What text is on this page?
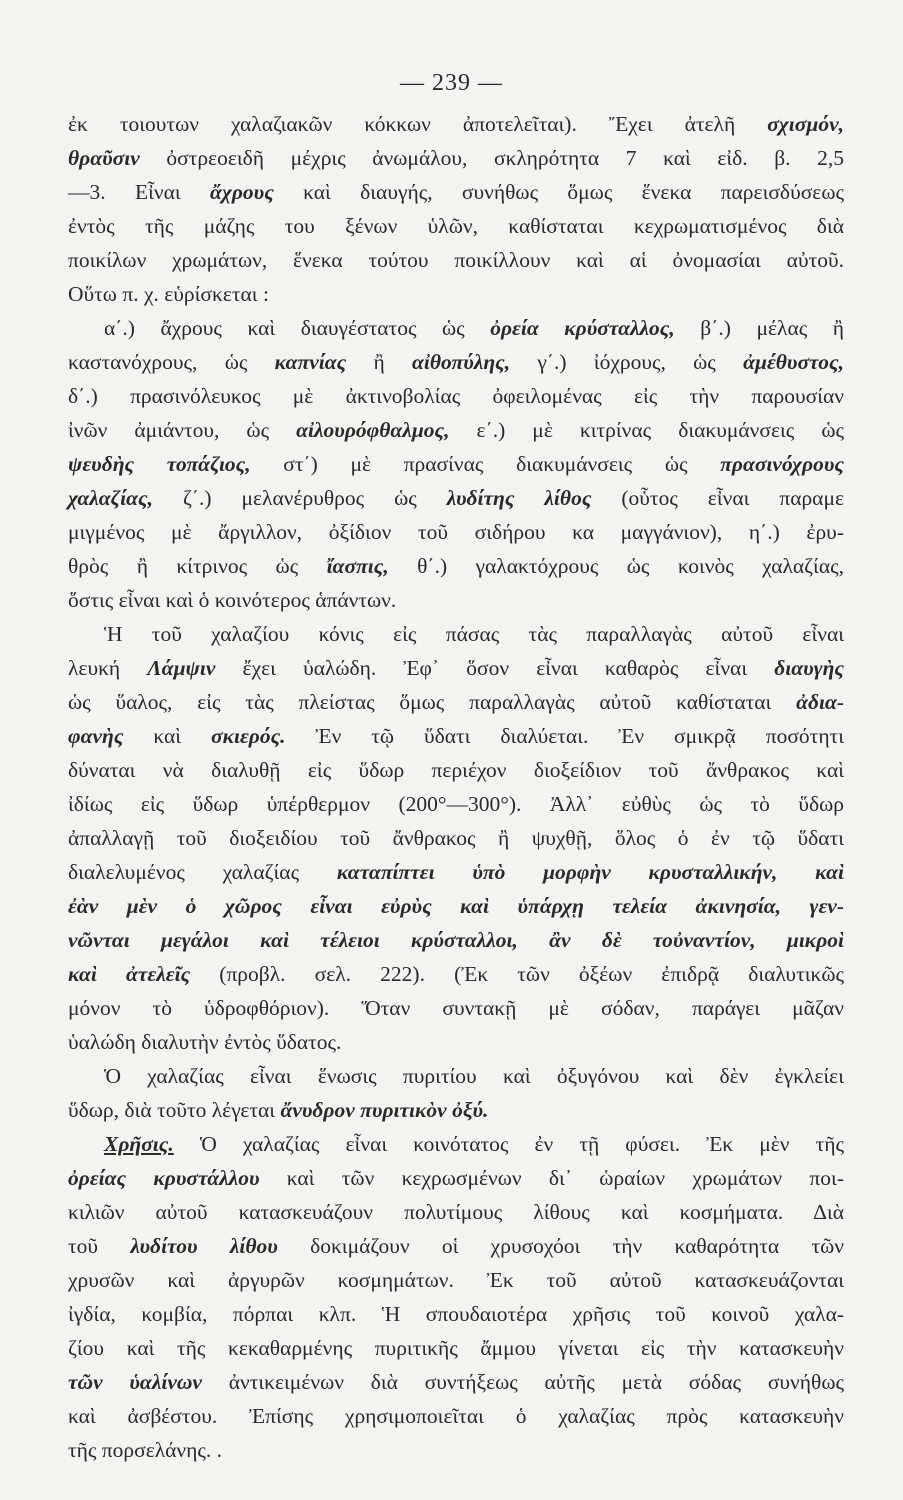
— 239 —

ἐκ τοιουτων χαλαζιακῶν κόκκων ἀποτελεῖται). Ἔχει ἀτελῆ σχισμόν,
θραῦσιν ὀστρεοειδῆ μέχρις ἀνωμάλου, σκληρότητα 7 καὶ εἰδ. β. 2,5
—3. Εἶναι ἄχρους καὶ διαυγής, συνήθως ὅμως ἕνεκα παρεισδύσεως
ἐντὸς τῆς μάζης του ξένων ὑλῶν, καθίσταται κεχρωματισμένος διὰ
ποικίλων χρωμάτων, ἕνεκα τούτου ποικίλλουν καὶ αἱ ὀνομασίαι αὐτοῦ.
Οὕτω π. χ. εὑρίσκεται :

α΄.) ἄχρους καὶ διαυγέστατος ὡς ὀρεία κρύσταλλος, β΄.) μέλας ἢ
καστανόχρους, ὡς καπνίας ἢ αἰθοπύλης, γ΄.) ἰόχρους, ὡς ἀμέθυστος,
δ΄.) πρασινόλευκος μὲ ἀκτινοβολίας ὀφειλομένας εἰς τὴν παρουσίαν
ἰνῶν ἀμιάντου, ὡς αἰλουρόφθαλμος, ε΄.) μὲ κιτρίνας διακυμάνσεις ὡς
ψευδὴς τοπάζιος, στ΄) μὲ πρασίνας διακυμάνσεις ὡς πρασινόχρους
χαλαζίας, ζ΄.) μελανέρυθρος ὡς λυδίτης λίθος (οὗτος εἶναι παραμε
μιγμένος μὲ ἄργιλλον, ὀξίδιον τοῦ σιδήρου κα μαγγάνιον), η΄.) ἐρυ-
θρὸς ἢ κίτρινος ὡς ἴασπις, θ΄.) γαλακτόχρους ὡς κοινὸς χαλαζίας,
ὅστις εἶναι καὶ ὁ κοινότερος ἁπάντων.

Ἡ τοῦ χαλαζίου κόνις εἰς πάσας τὰς παραλλαγὰς αὐτοῦ εἶναι
λευκή Λάμψιν ἔχει ὑαλώδη. Ἐφ᾽ ὅσον εἶναι καθαρὸς εἶναι διαυγὴς
ὡς ὕαλος, εἰς τὰς πλείστας ὅμως παραλλαγὰς αὐτοῦ καθίσταται ἀδια-
φανὴς καὶ σκιερός. Ἐν τῷ ὕδατι διαλύεται. Ἐν σμικρᾷ ποσότητι
δύναται νὰ διαλυθῇ εἰς ὕδωρ περιέχον διοξείδιον τοῦ ἄνθρακος καὶ
ἰδίως εἰς ὕδωρ ὑπέρθερμον (200°—300°). Ἀλλ᾽ εὐθὺς ὡς τὸ ὕδωρ
ἀπαλλαγῇ τοῦ διοξειδίου τοῦ ἄνθρακος ἢ ψυχθῇ, ὅλος ὁ ἐν τῷ ὕδατι
διαλελυμένος χαλαζίας καταπίπτει ὑπὸ μορφὴν κρυσταλλικήν, καὶ
ἐὰν μὲν ὁ χῶρος εἶναι εὐρὺς καὶ ὑπάρχῃ τελεία ἀκινησία, γεν-
νῶνται μεγάλοι καὶ τέλειοι κρύσταλλοι, ἂν δὲ τοὐναντίον, μικροὶ
καὶ ἀτελεῖς (προβλ. σελ. 222). (Ἐκ τῶν ὀξέων ἐπιδρᾷ διαλυτικῶς
μόνον τὸ ὑδροφθόριον). Ὅταν συντακῇ μὲ σόδαν, παράγει μᾶζαν
ὑαλώδη διαλυτὴν ἐντὸς ὕδατος.

Ὁ χαλαζίας εἶναι ἕνωσις πυριτίου καὶ ὀξυγόνου καὶ δὲν ἐγκλείει
ὕδωρ, διὰ τοῦτο λέγεται ἄνυδρον πυριτικὸν ὀξύ.

Χρῆσις. Ὁ χαλαζίας εἶναι κοινότατος ἐν τῇ φύσει. Ἐκ μὲν τῆς
ὀρείας κρυστάλλου καὶ τῶν κεχρωσμένων δι᾽ ὡραίων χρωμάτων ποι-
κιλιῶν αὐτοῦ κατασκευάζουν πολυτίμους λίθους καὶ κοσμήματα. Διὰ
τοῦ λυδίτου λίθου δοκιμάζουν οἱ χρυσοχόοι τὴν καθαρότητα τῶν
χρυσῶν καὶ ἀργυρῶν κοσμημάτων. Ἐκ τοῦ αὐτοῦ κατασκευάζονται
ἰγδία, κομβία, πόρπαι κλπ. Ἡ σπουδαιοτέρα χρῆσις τοῦ κοινοῦ χαλα-
ζίου καὶ τῆς κεκαθαρμένης πυριτικῆς ἄμμου γίνεται εἰς τὴν κατασκευὴν
τῶν ὑαλίνων ἀντικειμένων διὰ συντήξεως αὐτῆς μετὰ σόδας συνήθως
καὶ ἀσβέστου. Ἐπίσης χρησιμοποιεῖται ὁ χαλαζίας πρὸς κατασκευὴν
τῆς πορσελάνης. .
